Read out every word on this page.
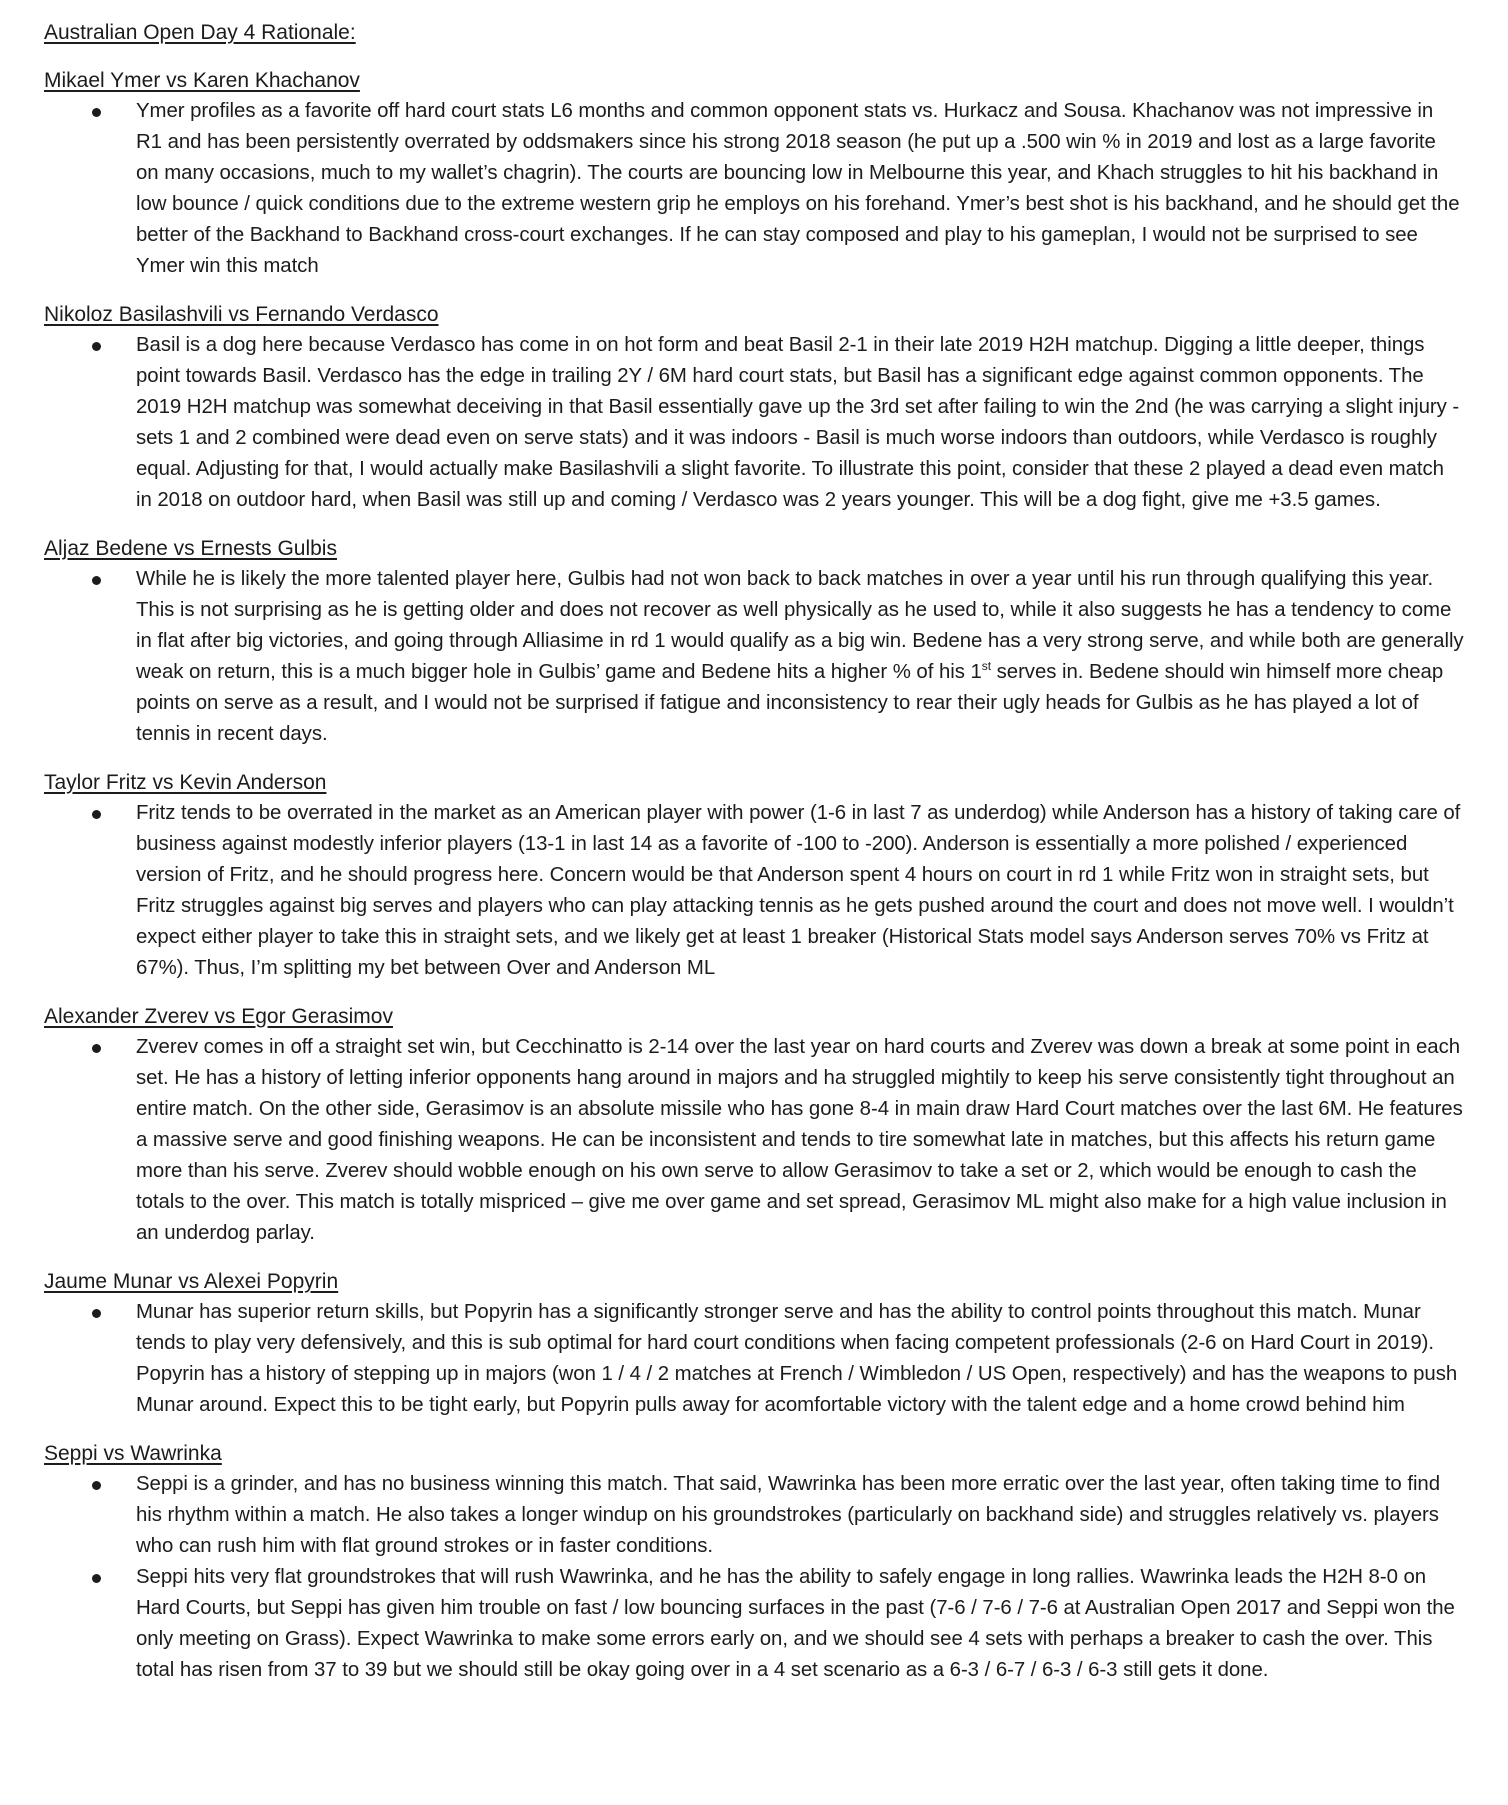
Australian Open Day 4 Rationale:
Mikael Ymer vs Karen Khachanov
Ymer profiles as a favorite off hard court stats L6 months and common opponent stats vs. Hurkacz and Sousa. Khachanov was not impressive in R1 and has been persistently overrated by oddsmakers since his strong 2018 season (he put up a .500 win % in 2019 and lost as a large favorite on many occasions, much to my wallet’s chagrin). The courts are bouncing low in Melbourne this year, and Khach struggles to hit his backhand in low bounce / quick conditions due to the extreme western grip he employs on his forehand. Ymer’s best shot is his backhand, and he should get the better of the Backhand to Backhand cross-court exchanges. If he can stay composed and play to his gameplan, I would not be surprised to see Ymer win this match
Nikoloz Basilashvili vs Fernando Verdasco
Basil is a dog here because Verdasco has come in on hot form and beat Basil 2-1 in their late 2019 H2H matchup. Digging a little deeper, things point towards Basil. Verdasco has the edge in trailing 2Y / 6M hard court stats, but Basil has a significant edge against common opponents. The 2019 H2H matchup was somewhat deceiving in that Basil essentially gave up the 3rd set after failing to win the 2nd (he was carrying a slight injury - sets 1 and 2 combined were dead even on serve stats) and it was indoors - Basil is much worse indoors than outdoors, while Verdasco is roughly equal. Adjusting for that, I would actually make Basilashvili a slight favorite. To illustrate this point, consider that these 2 played a dead even match in 2018 on outdoor hard, when Basil was still up and coming / Verdasco was 2 years younger. This will be a dog fight, give me +3.5 games.
Aljaz Bedene vs Ernests Gulbis
While he is likely the more talented player here, Gulbis had not won back to back matches in over a year until his run through qualifying this year. This is not surprising as he is getting older and does not recover as well physically as he used to, while it also suggests he has a tendency to come in flat after big victories, and going through Alliasime in rd 1 would qualify as a big win. Bedene has a very strong serve, and while both are generally weak on return, this is a much bigger hole in Gulbis’ game and Bedene hits a higher % of his 1st serves in. Bedene should win himself more cheap points on serve as a result, and I would not be surprised if fatigue and inconsistency to rear their ugly heads for Gulbis as he has played a lot of tennis in recent days.
Taylor Fritz vs Kevin Anderson
Fritz tends to be overrated in the market as an American player with power (1-6 in last 7 as underdog) while Anderson has a history of taking care of business against modestly inferior players (13-1 in last 14 as a favorite of -100 to -200). Anderson is essentially a more polished / experienced version of Fritz, and he should progress here. Concern would be that Anderson spent 4 hours on court in rd 1 while Fritz won in straight sets, but Fritz struggles against big serves and players who can play attacking tennis as he gets pushed around the court and does not move well. I wouldn’t expect either player to take this in straight sets, and we likely get at least 1 breaker (Historical Stats model says Anderson serves 70% vs Fritz at 67%). Thus, I’m splitting my bet between Over and Anderson ML
Alexander Zverev vs Egor Gerasimov
Zverev comes in off a straight set win, but Cecchinatto is 2-14 over the last year on hard courts and Zverev was down a break at some point in each set. He has a history of letting inferior opponents hang around in majors and ha struggled mightily to keep his serve consistently tight throughout an entire match. On the other side, Gerasimov is an absolute missile who has gone 8-4 in main draw Hard Court matches over the last 6M. He features a massive serve and good finishing weapons. He can be inconsistent and tends to tire somewhat late in matches, but this affects his return game more than his serve. Zverev should wobble enough on his own serve to allow Gerasimov to take a set or 2, which would be enough to cash the totals to the over. This match is totally mispriced – give me over game and set spread, Gerasimov ML might also make for a high value inclusion in an underdog parlay.
Jaume Munar vs Alexei Popyrin
Munar has superior return skills, but Popyrin has a significantly stronger serve and has the ability to control points throughout this match. Munar tends to play very defensively, and this is sub optimal for hard court conditions when facing competent professionals (2-6 on Hard Court in 2019). Popyrin has a history of stepping up in majors (won 1 / 4 / 2 matches at French / Wimbledon / US Open, respectively) and has the weapons to push Munar around. Expect this to be tight early, but Popyrin pulls away for acomfortable victory with the talent edge and a home crowd behind him
Seppi vs Wawrinka
Seppi is a grinder, and has no business winning this match. That said, Wawrinka has been more erratic over the last year, often taking time to find his rhythm within a match. He also takes a longer windup on his groundstrokes (particularly on backhand side) and struggles relatively vs. players who can rush him with flat ground strokes or in faster conditions.
Seppi hits very flat groundstrokes that will rush Wawrinka, and he has the ability to safely engage in long rallies. Wawrinka leads the H2H 8-0 on Hard Courts, but Seppi has given him trouble on fast / low bouncing surfaces in the past (7-6 / 7-6 / 7-6 at Australian Open 2017 and Seppi won the only meeting on Grass). Expect Wawrinka to make some errors early on, and we should see 4 sets with perhaps a breaker to cash the over. This total has risen from 37 to 39 but we should still be okay going over in a 4 set scenario as a 6-3 / 6-7 / 6-3 / 6-3 still gets it done.
